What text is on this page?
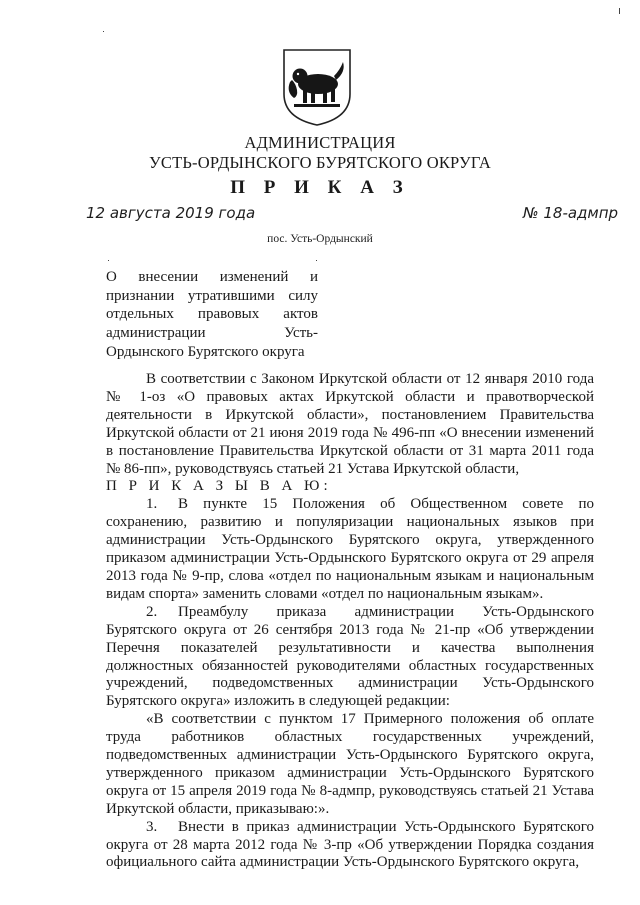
АДМИНИСТРАЦИЯ
УСТЬ-ОРДЫНСКОГО БУРЯТСКОГО ОКРУГА
П Р И К А З
12 августа 2019 года	№ 18-адмпр
пос. Усть-Ордынский
О внесении изменений и признании утратившими силу отдельных правовых актов администрации Усть-Ордынского Бурятского округа

В соответствии с Законом Иркутской области от 12 января 2010 года № 1-оз «О правовых актах Иркутской области и правотворческой деятельности в Иркутской области», постановлением Правительства Иркутской области от 21 июня 2019 года № 496-пп «О внесении изменений в постановление Правительства Иркутской области от 31 марта 2011 года № 86-пп», руководствуясь статьей 21 Устава Иркутской области,

П Р И К А З Ы В А Ю:

1. В пункте 15 Положения об Общественном совете по сохранению, развитию и популяризации национальных языков при администрации Усть-Ордынского Бурятского округа, утвержденного приказом администрации Усть-Ордынского Бурятского округа от 29 апреля 2013 года № 9-пр, слова «отдел по национальным языкам и национальным видам спорта» заменить словами «отдел по национальным языкам».

2. Преамбулу приказа администрации Усть-Ордынского Бурятского округа от 26 сентября 2013 года № 21-пр «Об утверждении Перечня показателей результативности и качества выполнения должностных обязанностей руководителями областных государственных учреждений, подведомственных администрации Усть-Ордынского Бурятского округа» изложить в следующей редакции:

«В соответствии с пунктом 17 Примерного положения об оплате труда работников областных государственных учреждений, подведомственных администрации Усть-Ордынского Бурятского округа, утвержденного приказом администрации Усть-Ордынского Бурятского округа от 15 апреля 2019 года № 8-адмпр, руководствуясь статьей 21 Устава Иркутской области, приказываю:».

3. Внести в приказ администрации Усть-Ордынского Бурятского округа от 28 марта 2012 года № 3-пр «Об утверждении Порядка создания официального сайта администрации Усть-Ордынского Бурятского округа,
